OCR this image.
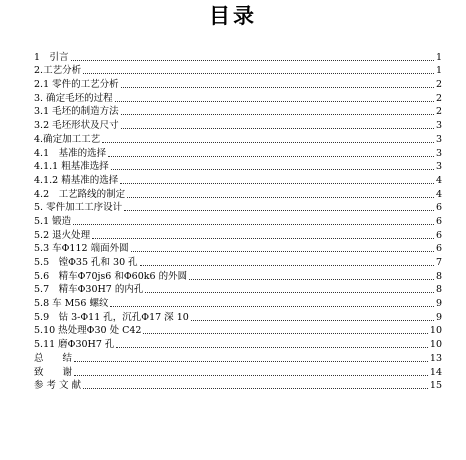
目录
1　引言	1
2.工艺分析	1
2.1 零件的工艺分析	2
3. 确定毛坯的过程	2
3.1 毛坯的制造方法	2
3.2 毛坯形状及尺寸	3
4.确定加工工艺	3
4.1　基准的选择	3
4.1.1 粗基准选择	3
4.1.2 精基准的选择	4
4.2　工艺路线的制定	4
5. 零件加工工序设计	6
5.1 锻造	6
5.2 退火处理	6
5.3 车Φ112 端面外圆	6
5.5　镗Φ35 孔和 30 孔	7
5.6　精车Φ70js6 和Φ60k6 的外圆	8
5.7　精车Φ30H7 的内孔	8
5.8 车 M56 螺纹	9
5.9　钻 3-Φ11 孔，沉孔Φ17 深 10	9
5.10 热处理Φ30 处 C42	10
5.11 磨Φ30H7 孔	10
总　　结	13
致　　谢	14
参 考 文 献	15
